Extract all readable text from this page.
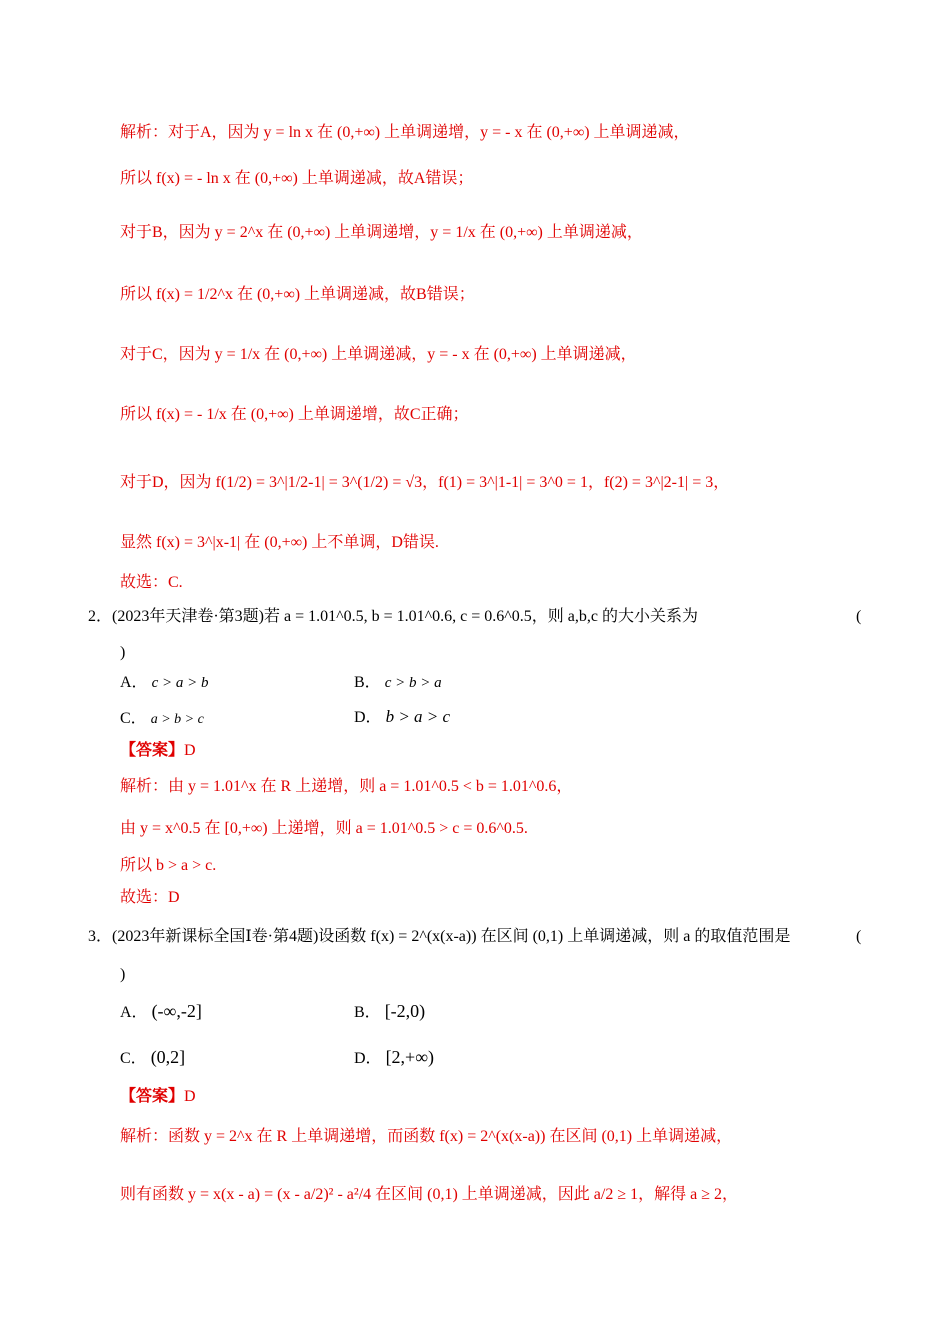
解析：对于A，因为 y = ln x 在 (0,+∞) 上单调递增，y = - x 在 (0,+∞) 上单调递减，
所以 f(x) = - ln x 在 (0,+∞) 上单调递减，故A错误；
对于B，因为 y = 2^x 在 (0,+∞) 上单调递增，y = 1/x 在 (0,+∞) 上单调递减，
所以 f(x) = 1/2^x 在 (0,+∞) 上单调递减，故B错误；
对于C，因为 y = 1/x 在 (0,+∞) 上单调递减，y = - x 在 (0,+∞) 上单调递减，
所以 f(x) = - 1/x 在 (0,+∞) 上单调递增，故C正确；
对于D，因为 f(1/2) = 3^|1/2-1| = 3^(1/2) = √3，f(1) = 3^|1-1| = 3^0 = 1，f(2) = 3^|2-1| = 3，
显然 f(x) = 3^|x-1| 在 (0,+∞) 上不单调，D错误.
故选：C.
2．(2023年天津卷·第3题)若 a = 1.01^0.5, b = 1.01^0.6, c = 0.6^0.5，则 a,b,c 的大小关系为	(
)
A． c > a > b	B． c > b > a
C． a > b > c	D． b > a > c
【答案】D
解析：由 y = 1.01^x 在 R 上递增，则 a = 1.01^0.5 < b = 1.01^0.6，
由 y = x^0.5 在 [0,+∞) 上递增，则 a = 1.01^0.5 > c = 0.6^0.5.
所以 b > a > c.
故选：D
3．(2023年新课标全国Ⅰ卷·第4题)设函数 f(x) = 2^(x(x-a)) 在区间 (0,1) 上单调递减，则 a 的取值范围是	(
)
A． (-∞,-2]	B． [-2,0)
C． (0,2]	D． [2,+∞)
【答案】D
解析：函数 y = 2^x 在 R 上单调递增，而函数 f(x) = 2^(x(x-a)) 在区间 (0,1) 上单调递减，
则有函数 y = x(x - a) = (x - a/2)² - a²/4 在区间 (0,1) 上单调递减，因此 a/2 ≥ 1，解得 a ≥ 2，
